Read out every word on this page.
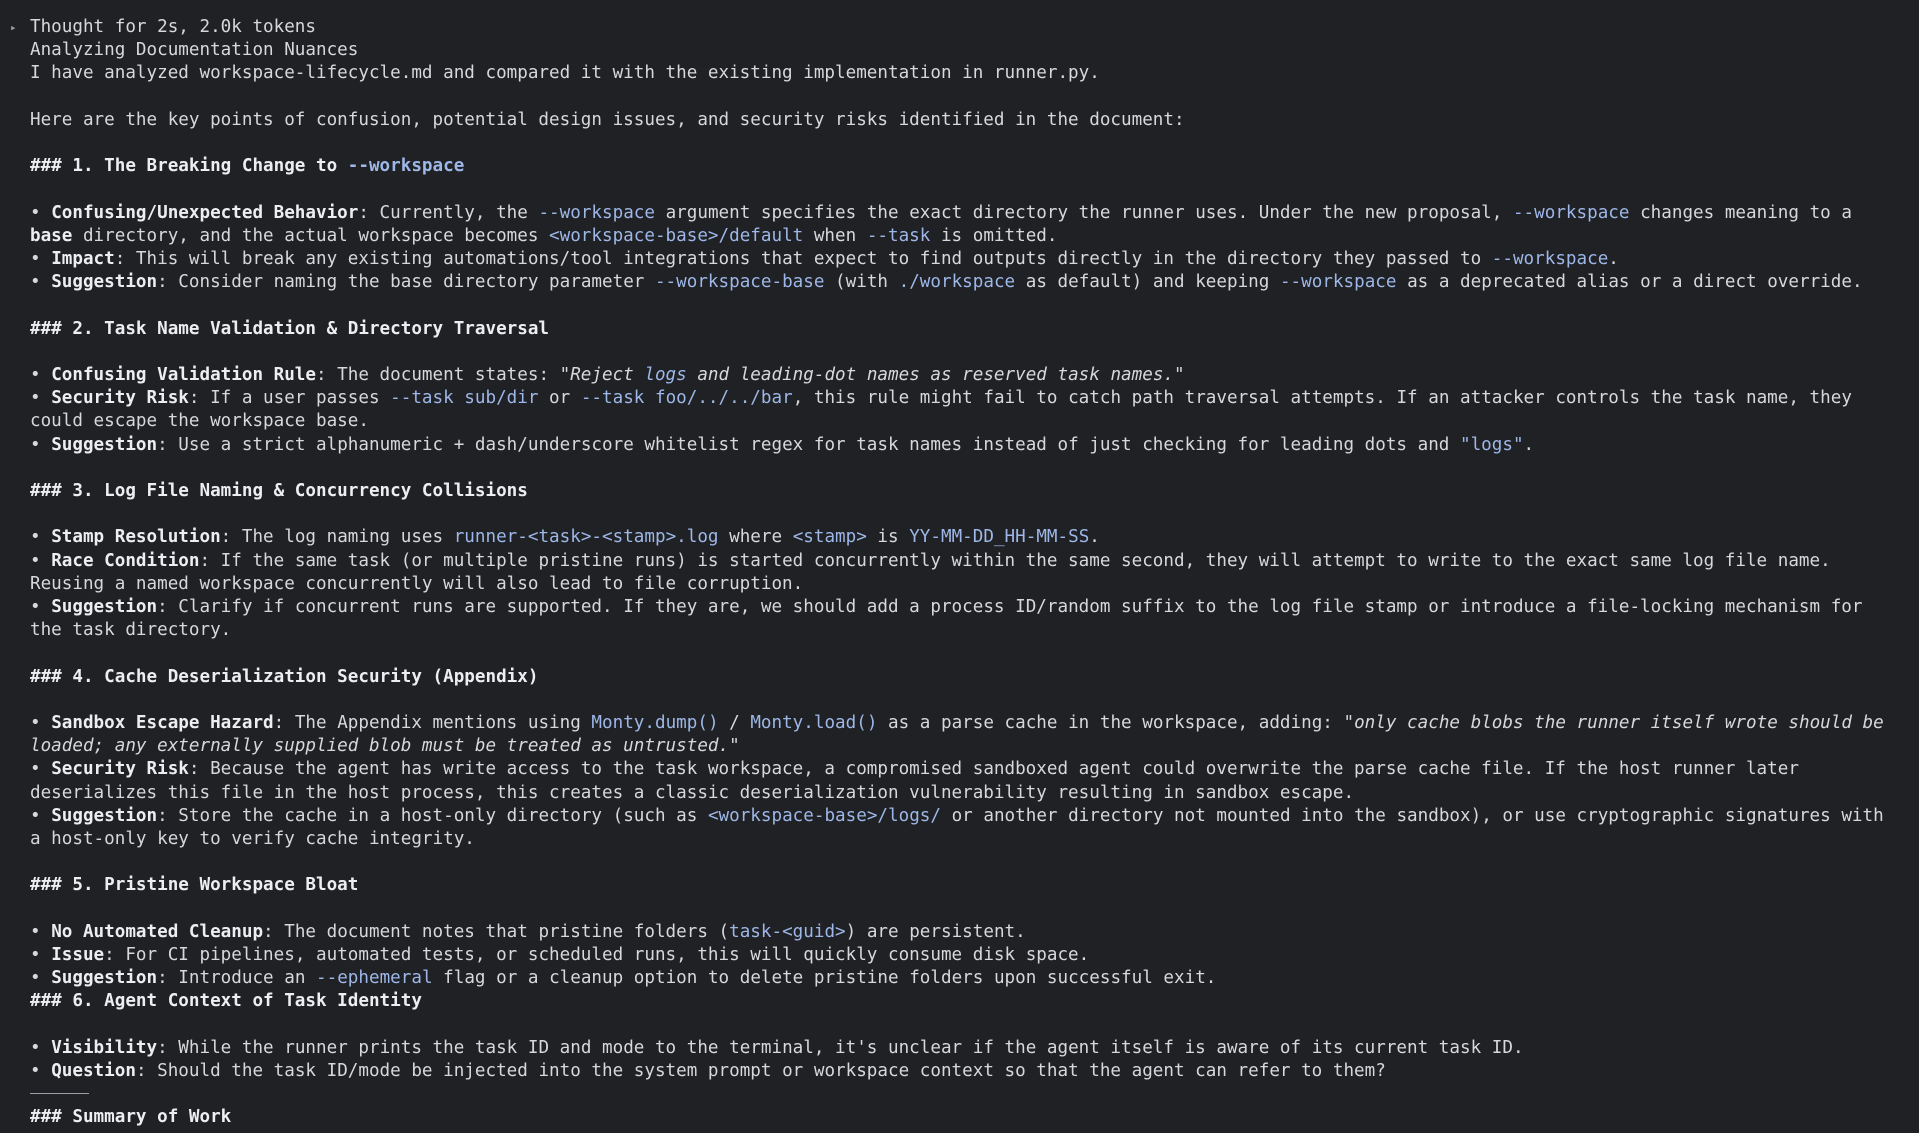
▸ Thought for 2s, 2.0k tokens
Analyzing Documentation Nuances
I have analyzed workspace-lifecycle.md and compared it with the existing implementation in runner.py.
Here are the key points of confusion, potential design issues, and security risks identified in the document:
### 1. The Breaking Change to --workspace
• Confusing/Unexpected Behavior: Currently, the --workspace argument specifies the exact directory the runner uses. Under the new proposal, --workspace changes meaning to a base directory, and the actual workspace becomes <workspace-base>/default when --task is omitted.
• Impact: This will break any existing automations/tool integrations that expect to find outputs directly in the directory they passed to --workspace.
• Suggestion: Consider naming the base directory parameter --workspace-base (with ./workspace as default) and keeping --workspace as a deprecated alias or a direct override.
### 2. Task Name Validation & Directory Traversal
• Confusing Validation Rule: The document states: "Reject logs and leading-dot names as reserved task names."
• Security Risk: If a user passes --task sub/dir or --task foo/../../bar, this rule might fail to catch path traversal attempts. If an attacker controls the task name, they could escape the workspace base.
• Suggestion: Use a strict alphanumeric + dash/underscore whitelist regex for task names instead of just checking for leading dots and "logs".
### 3. Log File Naming & Concurrency Collisions
• Stamp Resolution: The log naming uses runner-<task>-<stamp>.log where <stamp> is YY-MM-DD_HH-MM-SS.
• Race Condition: If the same task (or multiple pristine runs) is started concurrently within the same second, they will attempt to write to the exact same log file name. Reusing a named workspace concurrently will also lead to file corruption.
• Suggestion: Clarify if concurrent runs are supported. If they are, we should add a process ID/random suffix to the log file stamp or introduce a file-locking mechanism for the task directory.
### 4. Cache Deserialization Security (Appendix)
• Sandbox Escape Hazard: The Appendix mentions using Monty.dump() / Monty.load() as a parse cache in the workspace, adding: "only cache blobs the runner itself wrote should be loaded; any externally supplied blob must be treated as untrusted."
• Security Risk: Because the agent has write access to the task workspace, a compromised sandboxed agent could overwrite the parse cache file. If the host runner later deserializes this file in the host process, this creates a classic deserialization vulnerability resulting in sandbox escape.
• Suggestion: Store the cache in a host-only directory (such as <workspace-base>/logs/ or another directory not mounted into the sandbox), or use cryptographic signatures with a host-only key to verify cache integrity.
### 5. Pristine Workspace Bloat
• No Automated Cleanup: The document notes that pristine folders (task-<guid>) are persistent.
• Issue: For CI pipelines, automated tests, or scheduled runs, this will quickly consume disk space.
• Suggestion: Introduce an --ephemeral flag or a cleanup option to delete pristine folders upon successful exit.
### 6. Agent Context of Task Identity
• Visibility: While the runner prints the task ID and mode to the terminal, it's unclear if the agent itself is aware of its current task ID.
• Question: Should the task ID/mode be injected into the system prompt or workspace context so that the agent can refer to them?
### Summary of Work
